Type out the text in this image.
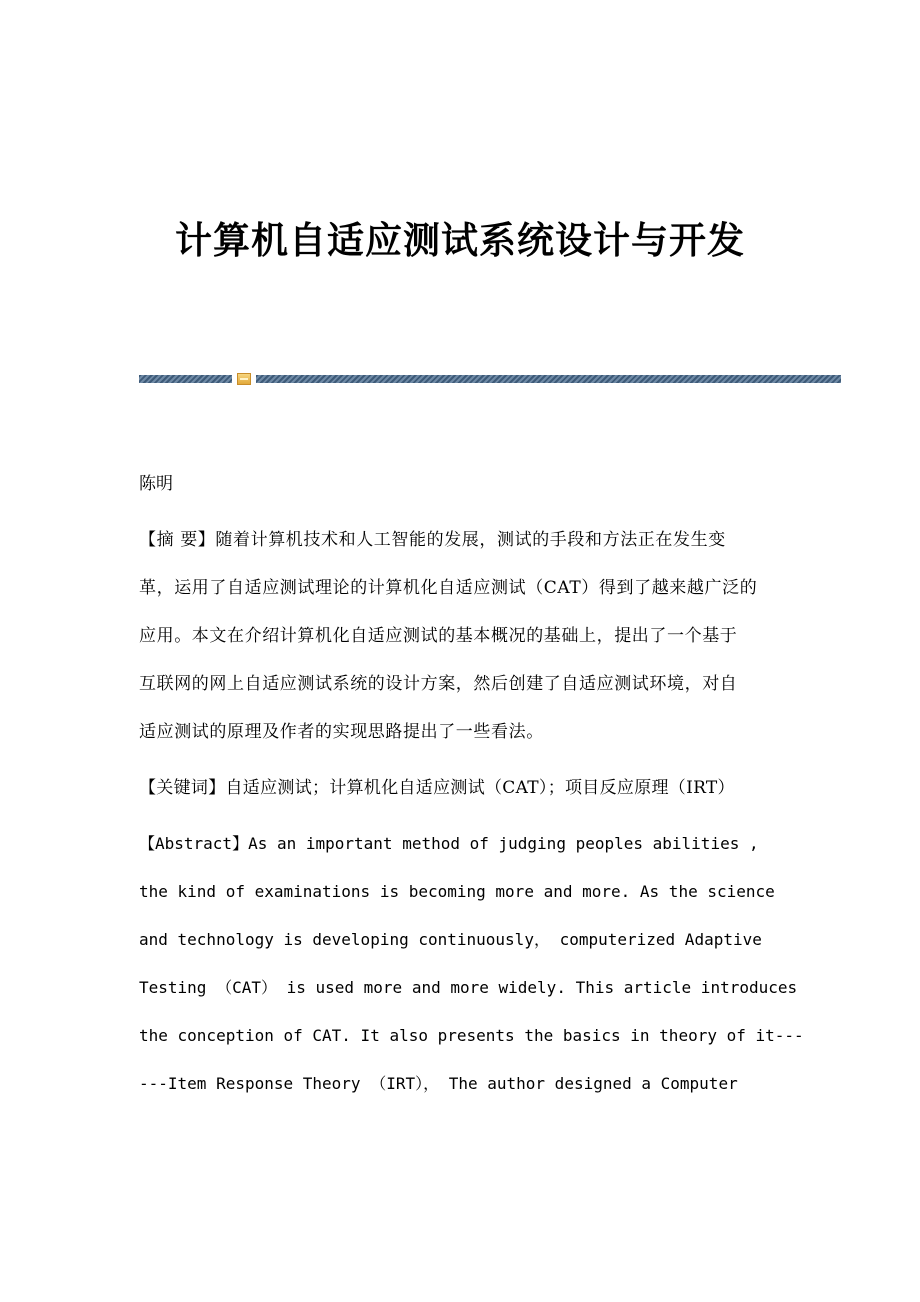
计算机自适应测试系统设计与开发
陈明
【摘 要】随着计算机技术和人工智能的发展，测试的手段和方法正在发生变
革，运用了自适应测试理论的计算机化自适应测试（CAT）得到了越来越广泛的
应用。本文在介绍计算机化自适应测试的基本概况的基础上，提出了一个基于
互联网的网上自适应测试系统的设计方案，然后创建了自适应测试环境，对自
适应测试的原理及作者的实现思路提出了一些看法。
【关键词】自适应测试；计算机化自适应测试（CAT）；项目反应原理（IRT）
【Abstract】As an important method of judging peoples abilities ,
the kind of examinations is becoming more and more. As the science
and technology is developing continuously， computerized Adaptive
Testing （CAT） is used more and more widely. This article introduces
the conception of CAT. It also presents the basics in theory of it---
---Item Response Theory （IRT）， The author designed a Computer
